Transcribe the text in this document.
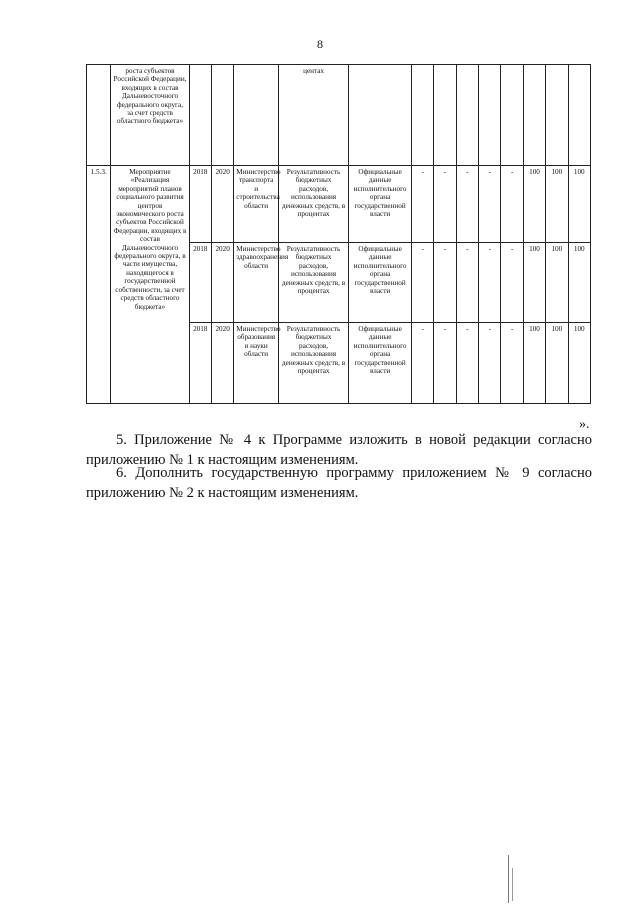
8
	роста субъектов Российской Федерации, входящих в состав Дальневосточного федерального округа, за счет средств областного бюджета»				центах									
1.5.3.	Мероприятие «Реализация мероприятий планов социального развития центров экономического роста субъектов Российской Федерации, входящих в состав Дальневосточного федерального округа, в части имущества, находящегося в государственной собственности, за счет средств областного бюджета»	2018	2020	Министерство транспорта и строительства области	Результативность бюджетных расходов, использования денежных средств, в процентах	Официальные данные исполнительного органа государственной власти	-	-	-	-	-	100	100	100
		2018	2020	Министерство здравоохранения области	Результативность бюджетных расходов, использования денежных средств, в процентах	Официальные данные исполнительного органа государственной власти	-	-	-	-	-	100	100	100
		2018	2020	Министерство образования и науки области	Результативность бюджетных расходов, использования денежных средств, в процентах	Официальные данные исполнительного органа государственной власти	-	-	-	-	-	100	100	100
».

5. Приложение № 4 к Программе изложить в новой редакции согласно приложению № 1 к настоящим изменениям.

6. Дополнить государственную программу приложением № 9 согласно приложению № 2 к настоящим изменениям.
